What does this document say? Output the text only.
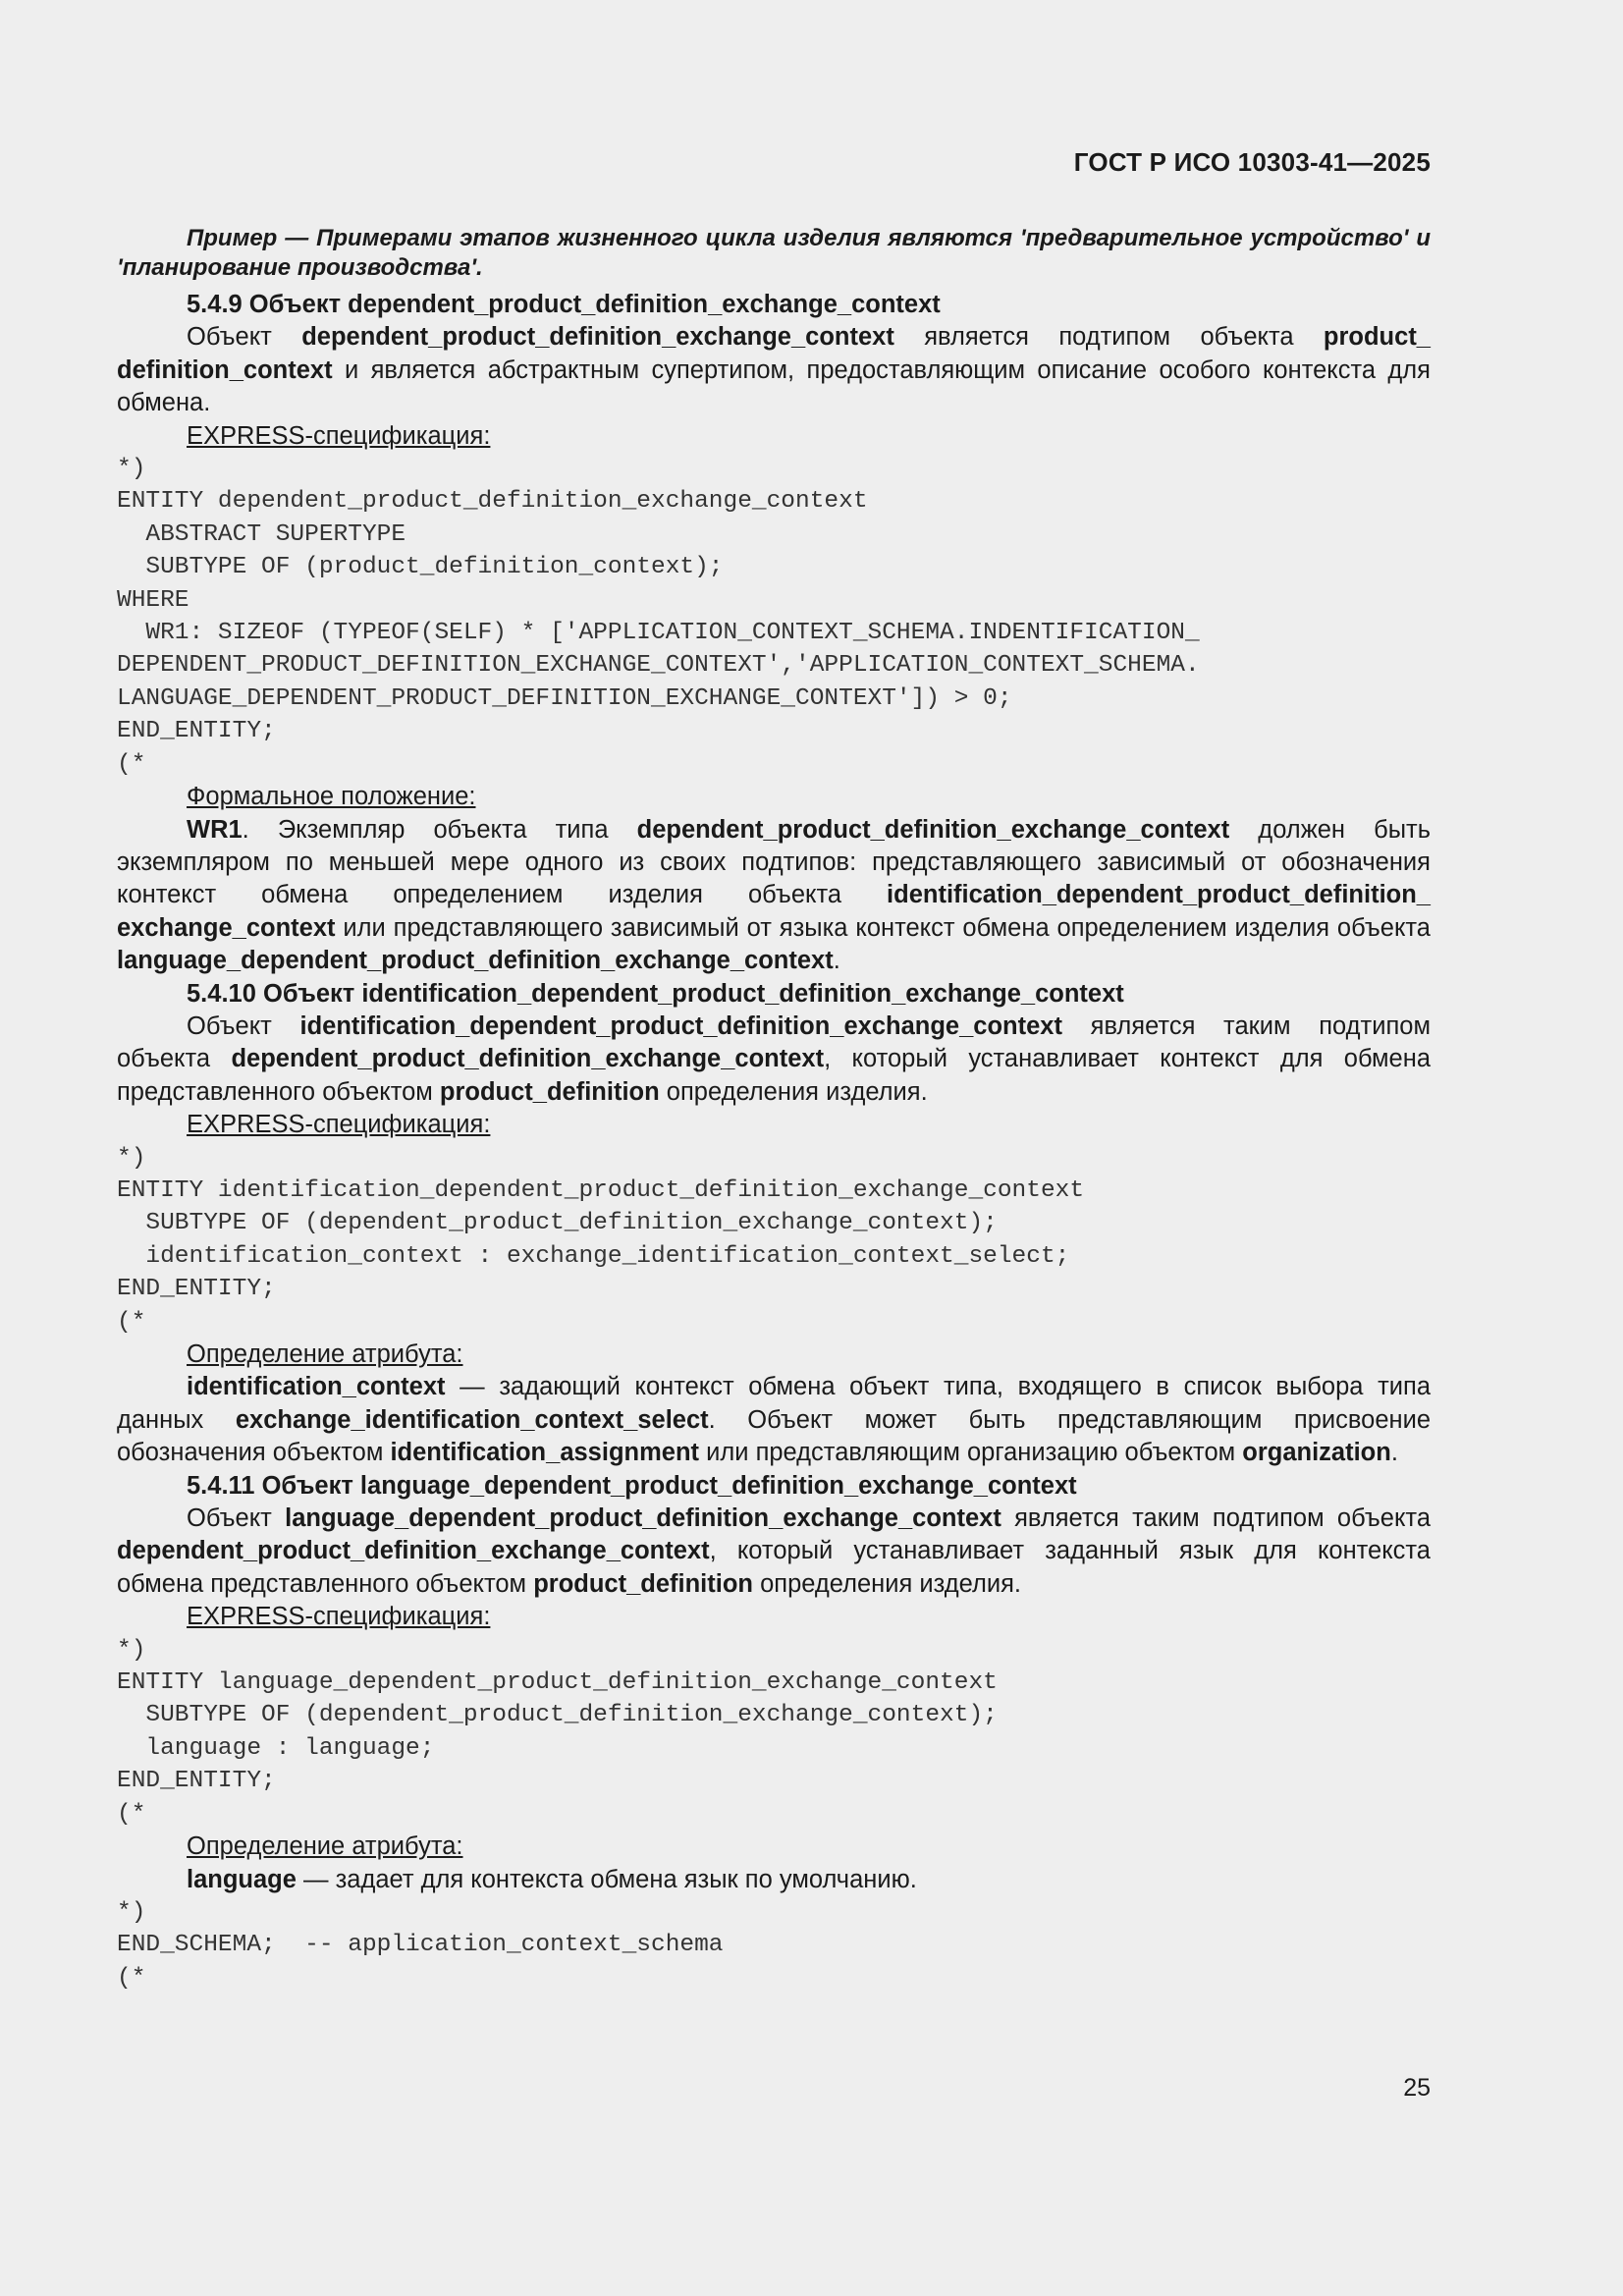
ГОСТ Р ИСО 10303-41—2025

Пример — Примерами этапов жизненного цикла изделия являются 'предварительное устройство' и 'планирование производства'.

5.4.9 Объект dependent_product_definition_exchange_context

Объект dependent_product_definition_exchange_context является подтипом объекта product_ definition_context и является абстрактным супертипом, предоставляющим описание особого контекста для обмена.

EXPRESS-спецификация:

*)
ENTITY dependent_product_definition_exchange_context
ABSTRACT SUPERTYPE
SUBTYPE OF (product_definition_context);
WHERE
WR1: SIZEOF (TYPEOF(SELF) * ['APPLICATION_CONTEXT_SCHEMA.INDENTIFICATION_
DEPENDENT_PRODUCT_DEFINITION_EXCHANGE_CONTEXT','APPLICATION_CONTEXT_SCHEMA.
LANGUAGE_DEPENDENT_PRODUCT_DEFINITION_EXCHANGE_CONTEXT']) > 0;
END_ENTITY;
(*

Формальное положение:

WR1. Экземпляр объекта типа dependent_product_definition_exchange_context должен быть экземпляром по меньшей мере одного из своих подтипов: представляющего зависимый от обозначения контекст обмена определением изделия объекта identification_dependent_product_definition_ exchange_context или представляющего зависимый от языка контекст обмена определением изделия объекта language_dependent_product_definition_exchange_context.

5.4.10 Объект identification_dependent_product_definition_exchange_context

Объект identification_dependent_product_definition_exchange_context является таким подтипом объекта dependent_product_definition_exchange_context, который устанавливает контекст для обмена представленного объектом product_definition определения изделия.

EXPRESS-спецификация:

*)
ENTITY identification_dependent_product_definition_exchange_context
SUBTYPE OF (dependent_product_definition_exchange_context);
identification_context : exchange_identification_context_select;
END_ENTITY;
(*

Определение атрибута:

identification_context — задающий контекст обмена объект типа, входящего в список выбора типа данных exchange_identification_context_select. Объект может быть представляющим присвоение обозначения объектом identification_assignment или представляющим организацию объектом organization.

5.4.11 Объект language_dependent_product_definition_exchange_context

Объект language_dependent_product_definition_exchange_context является таким подтипом объекта dependent_product_definition_exchange_context, который устанавливает заданный язык для контекста обмена представленного объектом product_definition определения изделия.

EXPRESS-спецификация:

*)
ENTITY language_dependent_product_definition_exchange_context
SUBTYPE OF (dependent_product_definition_exchange_context);
language : language;
END_ENTITY;
(*

Определение атрибута:

language — задает для контекста обмена язык по умолчанию.

*)
END_SCHEMA;  -- application_context_schema
(*
25
